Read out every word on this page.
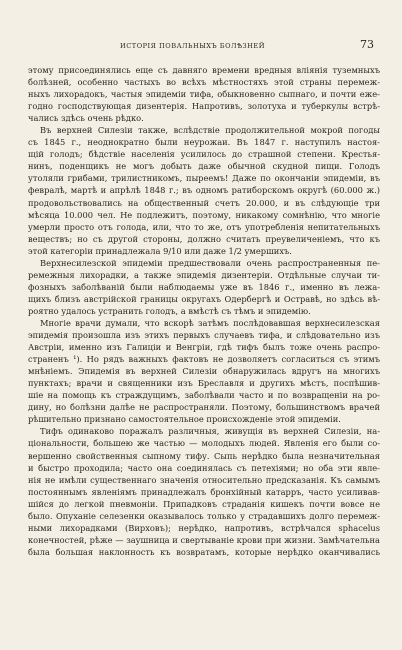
ИСТОРІЯ ПОВАЛЬНЫХЪ БОЛѢЗНЕЙ	73
этому присоединялись еще съ давняго времени вредныя вліянія туземныхъ
болѣзней, особенно частыхъ во всѣхъ мѣстностяхъ этой страны перемеж-
ныхъ лихорадокъ, частыя эпидеміи тифа, обыкновенно сыпнаго, и почти еже-
годно господствующая дизентерія. Напротивъ, золотуха и туберкулы встрѣ-
чались здѣсь очень рѣдко.
Въ верхней Силезіи также, вслѣдствіе продолжительной мокрой погоды
съ 1845 г., неоднократно были неурожаи. Въ 1847 г. наступилъ настоя-
щій голодъ; бѣдствіе населенія усилилось до страшной степени. Крестья-
нинъ, поденщикъ не могъ добыть даже обычной скудной пищи. Голодъ
утоляли грибами, трилистникомъ, пыреемъ! Даже по окончаніи эпидеміи, въ
февралѣ, мартѣ и апрѣлѣ 1848 г.; въ одномъ ратиборскомъ округѣ (60.000 ж.)
продовольствовались на общественный счетъ 20.000, и въ слѣдующіе три
мѣсяца 10.000 чел. Не подлежитъ, поэтому, никакому сомнѣнію, что многіе
умерли просто отъ голода, или, что то же, отъ употребленія непитательныхъ
веществъ; но съ другой стороны, должно считать преувеличеніемъ, что къ
этой категоріи принадлежала 9/10 или даже 1/2 умершихъ.
Верхнесилезской эпидеміи предшествовали очень распространенныя пе-
ремежныя лихорадки, а также эпидемія дизентеріи. Отдѣльные случаи ти-
фозныхъ заболѣваній были наблюдаемы уже въ 1846 г., именно въ лежа-
щихъ близъ австрійской границы округахъ Одербергѣ и Остравѣ, но здѣсь вѣ-
роятно удалось устранить голодъ, а вмѣстѣ съ тѣмъ и эпидемію.
Многіе врачи думали, что вскорѣ затѣмъ послѣдовавшая верхнесилезская
эпидемія произошла изъ этихъ первыхъ случаевъ тифа, и слѣдовательно изъ
Австріи, именно изъ Галиціи и Венгріи, гдѣ тифъ былъ тоже очень распро-
страненъ ¹). Но рядъ важныхъ фактовъ не дозволяетъ согласиться съ этимъ
мнѣніемъ. Эпидемія въ верхней Силезіи обнаружилась вдругъ на многихъ
пунктахъ; врачи и священники изъ Бреславля и другихъ мѣстъ, поспѣшив-
шіе на помощь къ страждущимъ, заболѣвали часто и по возвращеніи на ро-
дину, но болѣзни далѣе не распространяли. Поэтому, большинствомъ врачей
рѣшительно признано самостоятельное происхожденіе этой эпидеміи.
Тифъ одинаково поражалъ различныя, живущія въ верхней Силезіи, на-
ціональности, большею же частью — молодыхъ людей. Явленія его были со-
вершенно свойственныя сыпному тифу. Сыпь нерѣдко была незначительная
и быстро проходила; часто она соединялась съ петехіями; но оба эти явле-
нія не имѣли существеннаго значенія относительно предсказанія. Къ самымъ
постояннымъ явленіямъ принадлежалъ бронхійный катарръ, часто усиливав-
шійся до легкой пневмоніи. Припадковъ страданія кишекъ почти вовсе не
было. Опуханіе селезенки оказывалось только у страдавшихъ долго перемеж-
ными лихорадками (Вирховъ); нерѣдко, напротивъ, встрѣчался sphacelus
конечностей, рѣже — заушница и свертываніе крови при жизни. Замѣчательна
была большая наклонность къ возвратамъ, которые нерѣдко оканчивались
